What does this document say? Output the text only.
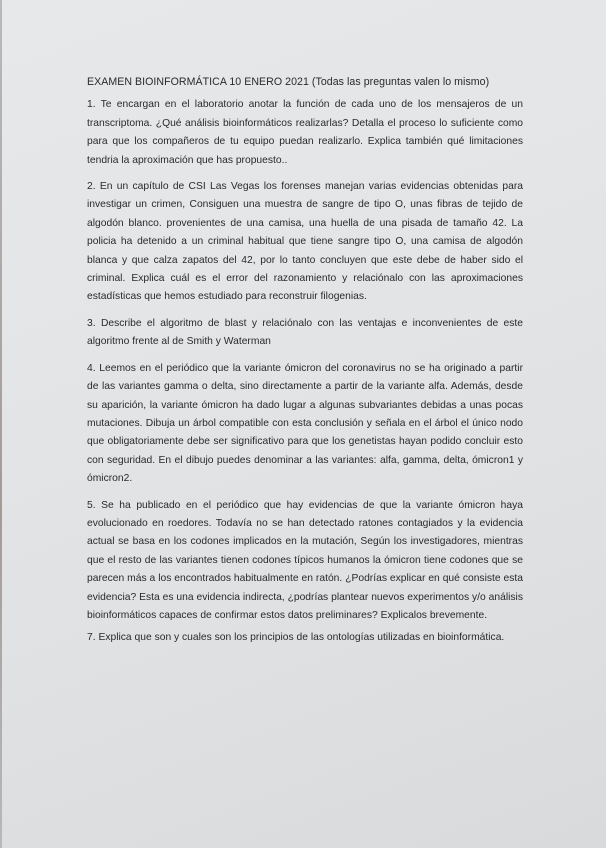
EXAMEN BIOINFORMÁTICA 10 ENERO 2021 (Todas las preguntas valen lo mismo)

1. Te encargan en el laboratorio anotar la función de cada uno de los mensajeros de un transcriptoma. ¿Qué análisis bioinformáticos realizarlas? Detalla el proceso lo suficiente como para que los compañeros de tu equipo puedan realizarlo. Explica también qué limitaciones tendria la aproximación que has propuesto..

2. En un capítulo de CSI Las Vegas los forenses manejan varias evidencias obtenidas para investigar un crimen, Consiguen una muestra de sangre de tipo O, unas fibras de tejido de algodón blanco. provenientes de una camisa, una huella de una pisada de tamaño 42. La policia ha detenido a un criminal habitual que tiene sangre tipo O, una camisa de algodón blanca y que calza zapatos del 42, por lo tanto concluyen que este debe de haber sido el criminal. Explica cuál es el error del razonamiento y relaciónalo con las aproximaciones estadísticas que hemos estudiado para reconstruir filogenias.

3. Describe el algoritmo de blast y relaciónalo con las ventajas e inconvenientes de este algoritmo frente al de Smith y Waterman

4. Leemos en el periódico que la variante ómicron del coronavirus no se ha originado a partir de las variantes gamma o delta, sino directamente a partir de la variante alfa. Además, desde su aparición, la variante ómicron ha dado lugar a algunas subvariantes debidas a unas pocas mutaciones. Dibuja un árbol compatible con esta conclusión y señala en el árbol el único nodo que obligatoriamente debe ser significativo para que los genetistas hayan podido concluir esto con seguridad. En el dibujo puedes denominar a las variantes: alfa, gamma, delta, ómicron1 y ómicron2.

5. Se ha publicado en el periódico que hay evidencias de que la variante ómicron haya evolucionado en roedores. Todavía no se han detectado ratones contagiados y la evidencia actual se basa en los codones implicados en la mutación, Según los investigadores, mientras que el resto de las variantes tienen codones típicos humanos la ómicron tiene codones que se parecen más a los encontrados habitualmente en ratón. ¿Podrías explicar en qué consiste esta evidencia? Esta es una evidencia indirecta, ¿podrías plantear nuevos experimentos y/o análisis bioinformáticos capaces de confirmar estos datos preliminares? Explicalos brevemente.

7. Explica que son y cuales son los principios de las ontologías utilizadas en bioinformática.
